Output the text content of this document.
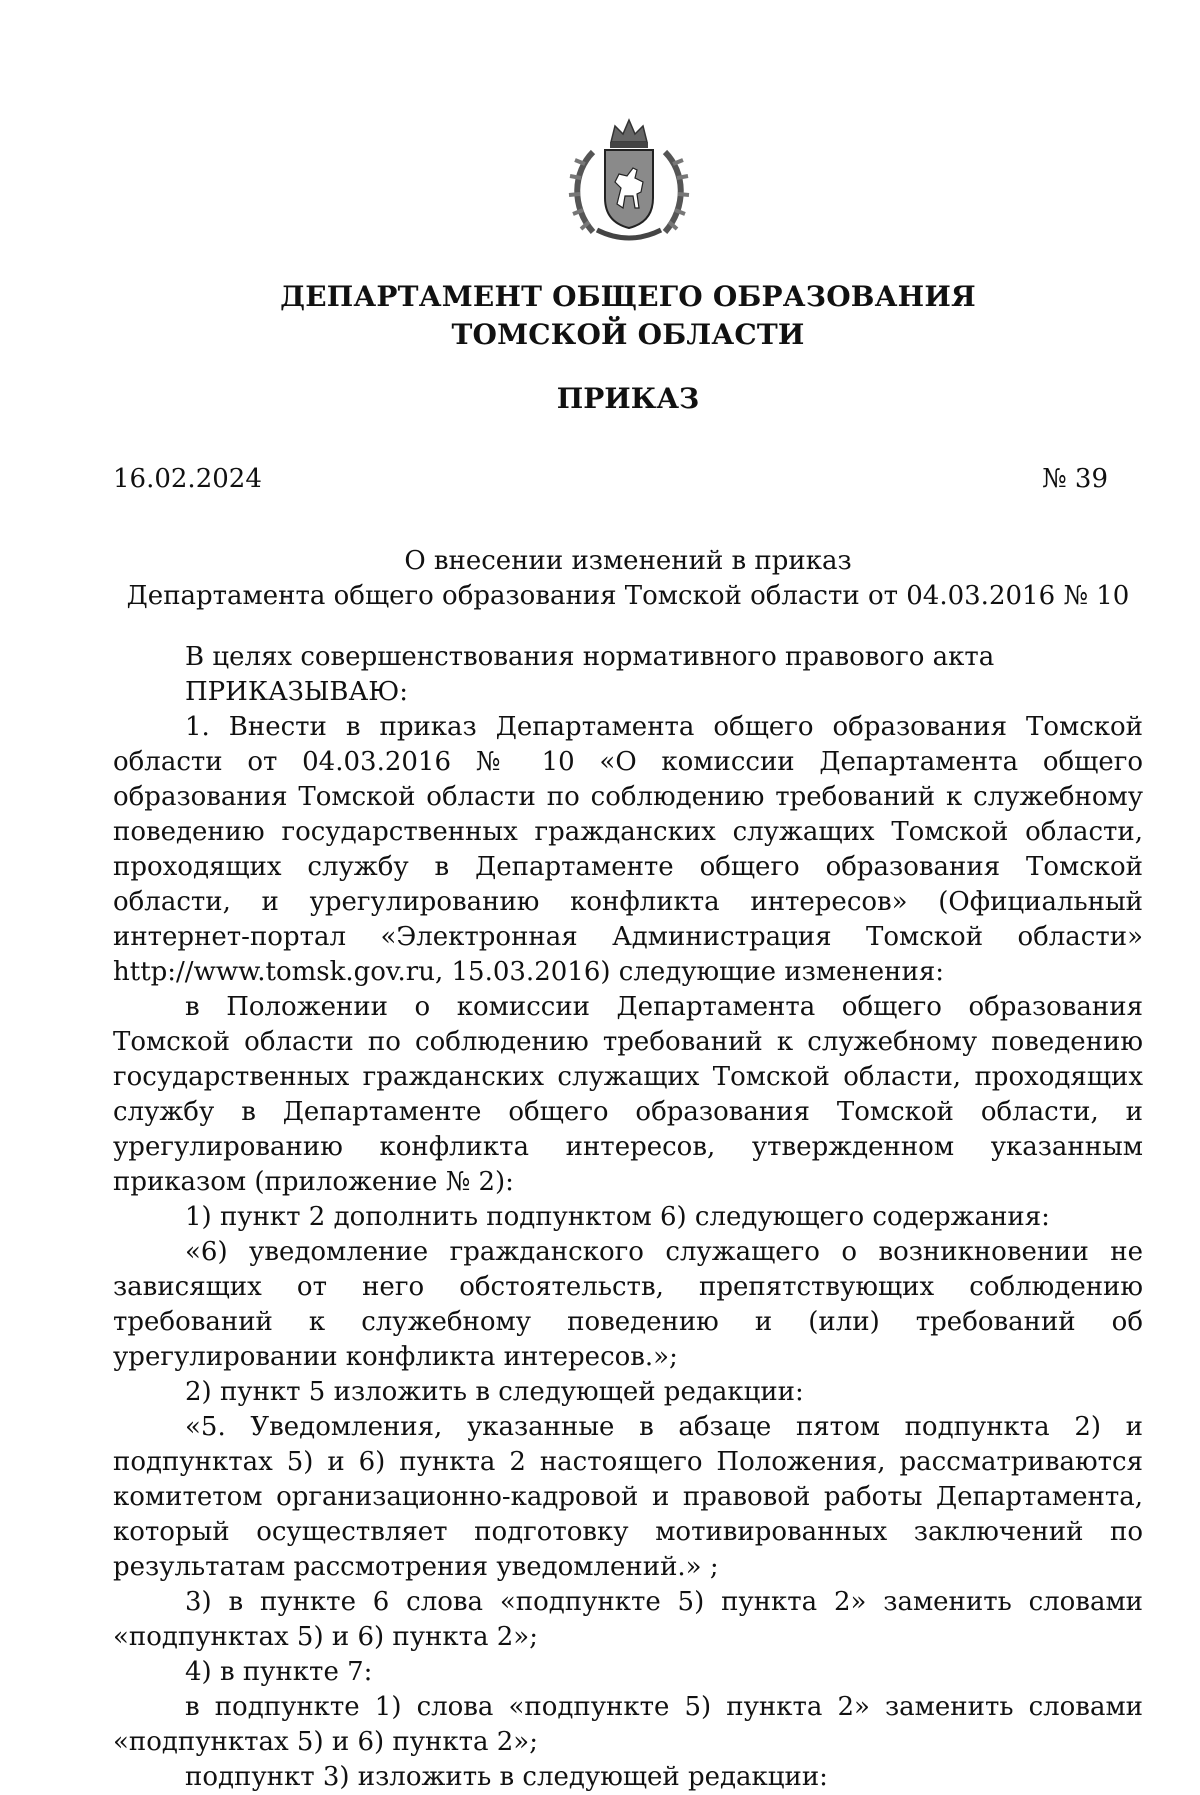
ДЕПАРТАМЕНТ ОБЩЕГО ОБРАЗОВАНИЯ
ТОМСКОЙ ОБЛАСТИ
ПРИКАЗ
16.02.2024	№ 39
О внесении изменений в приказ
Департамента общего образования Томской области от 04.03.2016 № 10

В целях совершенствования нормативного правового акта

ПРИКАЗЫВАЮ:

1. Внести в приказ Департамента общего образования Томской области от 04.03.2016 № 10 «О комиссии Департамента общего образования Томской области по соблюдению требований к служебному поведению государственных гражданских служащих Томской области, проходящих службу в Департаменте общего образования Томской области, и урегулированию конфликта интересов» (Официальный интернет-портал «Электронная Администрация Томской области» http://www.tomsk.gov.ru, 15.03.2016) следующие изменения:

в Положении о комиссии Департамента общего образования Томской области по соблюдению требований к служебному поведению государственных гражданских служащих Томской области, проходящих службу в Департаменте общего образования Томской области, и урегулированию конфликта интересов, утвержденном указанным приказом (приложение № 2):

1) пункт 2 дополнить подпунктом 6) следующего содержания:

«6) уведомление гражданского служащего о возникновении не зависящих от него обстоятельств, препятствующих соблюдению требований к служебному поведению и (или) требований об урегулировании конфликта интересов.»;

2) пункт 5 изложить в следующей редакции:

«5. Уведомления, указанные в абзаце пятом подпункта 2) и подпунктах 5) и 6) пункта 2 настоящего Положения, рассматриваются комитетом организационно-кадровой и правовой работы Департамента, который осуществляет подготовку мотивированных заключений по результатам рассмотрения уведомлений.» ;

3) в пункте 6 слова «подпункте 5) пункта 2» заменить словами «подпунктах 5) и 6) пункта 2»;

4) в пункте 7:

в подпункте 1) слова «подпункте 5) пункта 2» заменить словами «подпунктах 5) и 6) пункта 2»;

подпункт 3) изложить в следующей редакции:
